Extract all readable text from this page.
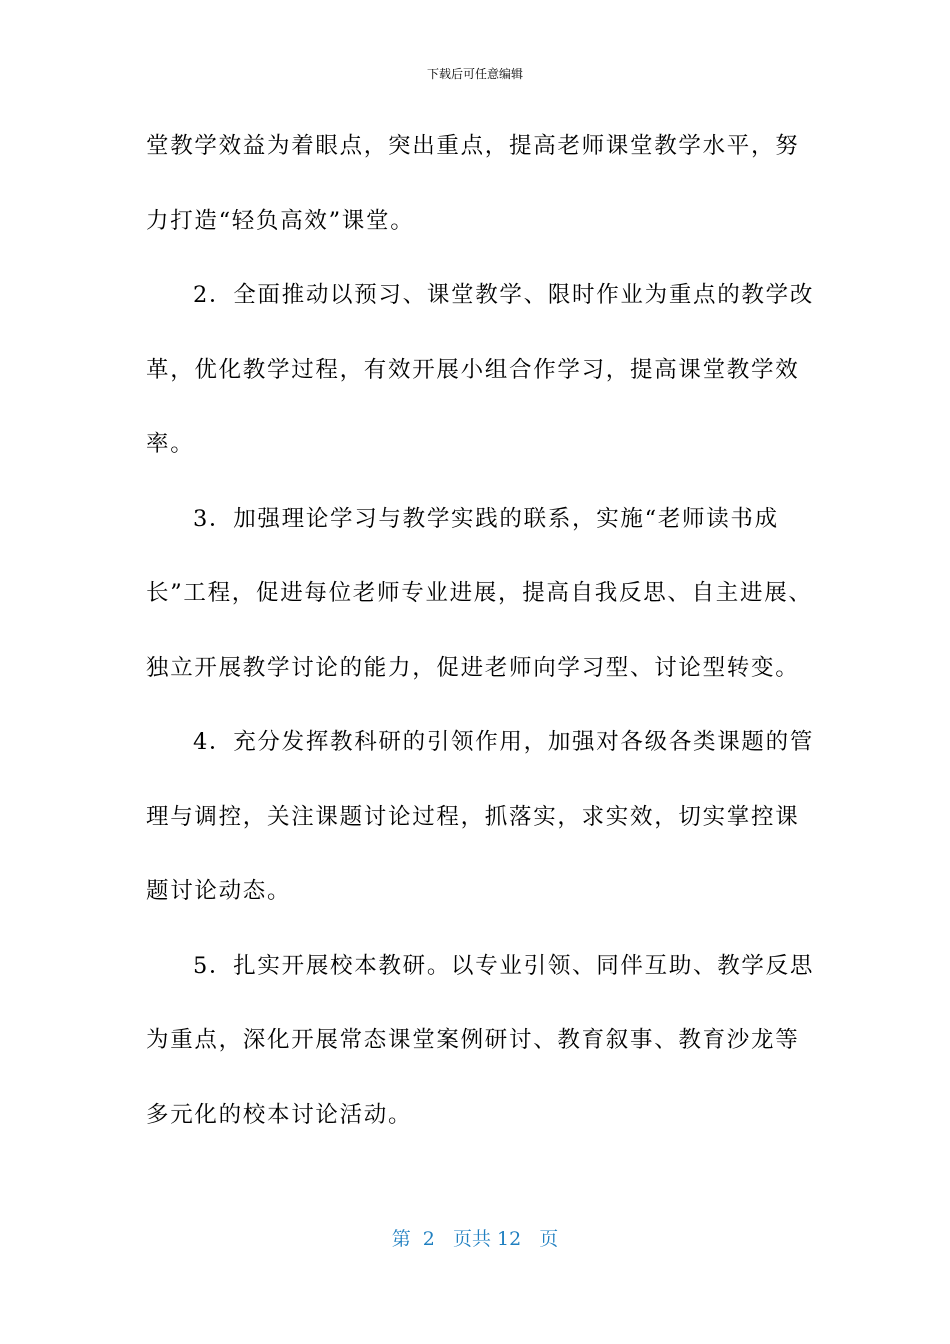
下载后可任意编辑
堂教学效益为着眼点，突出重点，提高老师课堂教学水平，努
力打造“轻负高效”课堂。
2．全面推动以预习、课堂教学、限时作业为重点的教学改
革，优化教学过程，有效开展小组合作学习，提高课堂教学效
率。
3．加强理论学习与教学实践的联系，实施“老师读书成
长”工程，促进每位老师专业进展，提高自我反思、自主进展、
独立开展教学讨论的能力，促进老师向学习型、讨论型转变。
4．充分发挥教科研的引领作用，加强对各级各类课题的管
理与调控，关注课题讨论过程，抓落实，求实效，切实掌控课
题讨论动态。
5．扎实开展校本教研。以专业引领、同伴互助、教学反思
为重点，深化开展常态课堂案例研讨、教育叙事、教育沙龙等
多元化的校本讨论活动。
第  2   页共 12   页
